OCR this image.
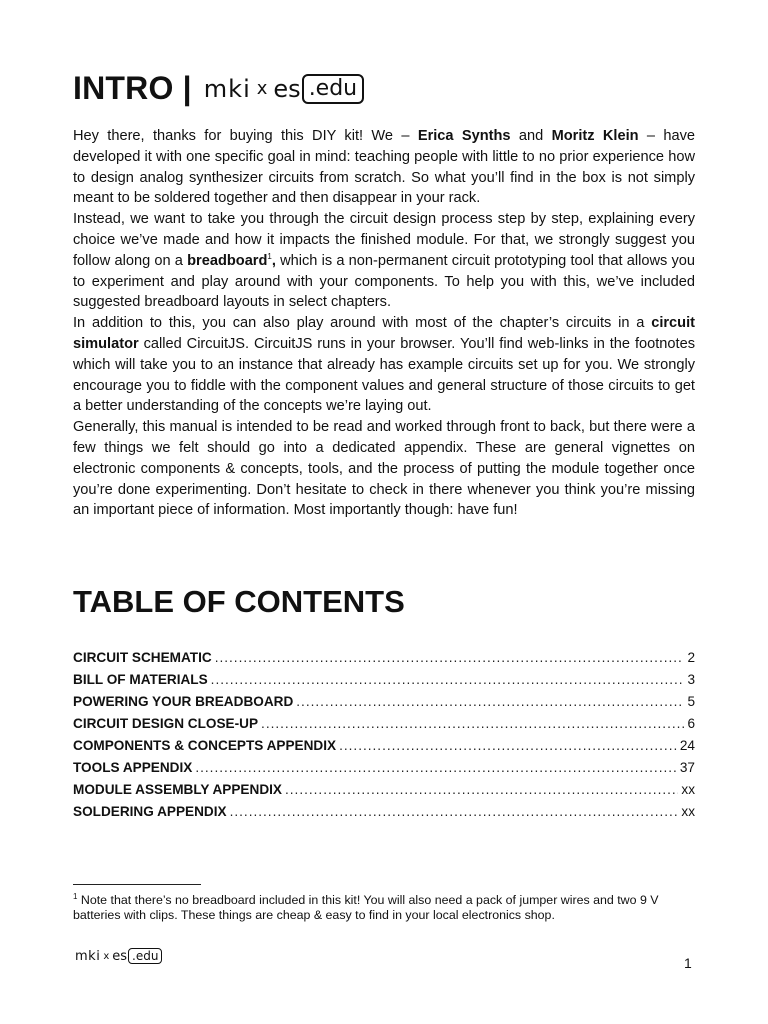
INTRO | mki x es .edu

Hey there, thanks for buying this DIY kit! We – Erica Synths and Moritz Klein – have developed it with one specific goal in mind: teaching people with little to no prior experience how to design analog synthesizer circuits from scratch. So what you’ll find in the box is not simply meant to be soldered together and then disappear in your rack.

Instead, we want to take you through the circuit design process step by step, explaining every choice we’ve made and how it impacts the finished module. For that, we strongly suggest you follow along on a breadboard$^1$, which is a non-permanent circuit prototyping tool that allows you to experiment and play around with your components. To help you with this, we’ve included suggested breadboard layouts in select chapters.

In addition to this, you can also play around with most of the chapter’s circuits in a circuit simulator called CircuitJS. CircuitJS runs in your browser. You’ll find web-links in the footnotes which will take you to an instance that already has example circuits set up for you. We strongly encourage you to fiddle with the component values and general structure of those circuits to get a better understanding of the concepts we’re laying out.

Generally, this manual is intended to be read and worked through front to back, but there were a few things we felt should go into a dedicated appendix. These are general vignettes on electronic components & concepts, tools, and the process of putting the module together once you’re done experimenting. Don’t hesitate to check in there whenever you think you’re missing an important piece of information. Most importantly though: have fun!

TABLE OF CONTENTS
CIRCUIT SCHEMATIC .....	2
BILL OF MATERIALS .....	3
POWERING YOUR BREADBOARD .....	5
CIRCUIT DESIGN CLOSE-UP .....	6
COMPONENTS & CONCEPTS APPENDIX .....	24
TOOLS APPENDIX .....	37
MODULE ASSEMBLY APPENDIX .....	xx
SOLDERING APPENDIX .....	xx

$^1$ Note that there’s no breadboard included in this kit! You will also need a pack of jumper wires and two 9 V batteries with clips. These things are cheap & easy to find in your local electronics shop.

mki x es .edu	1
